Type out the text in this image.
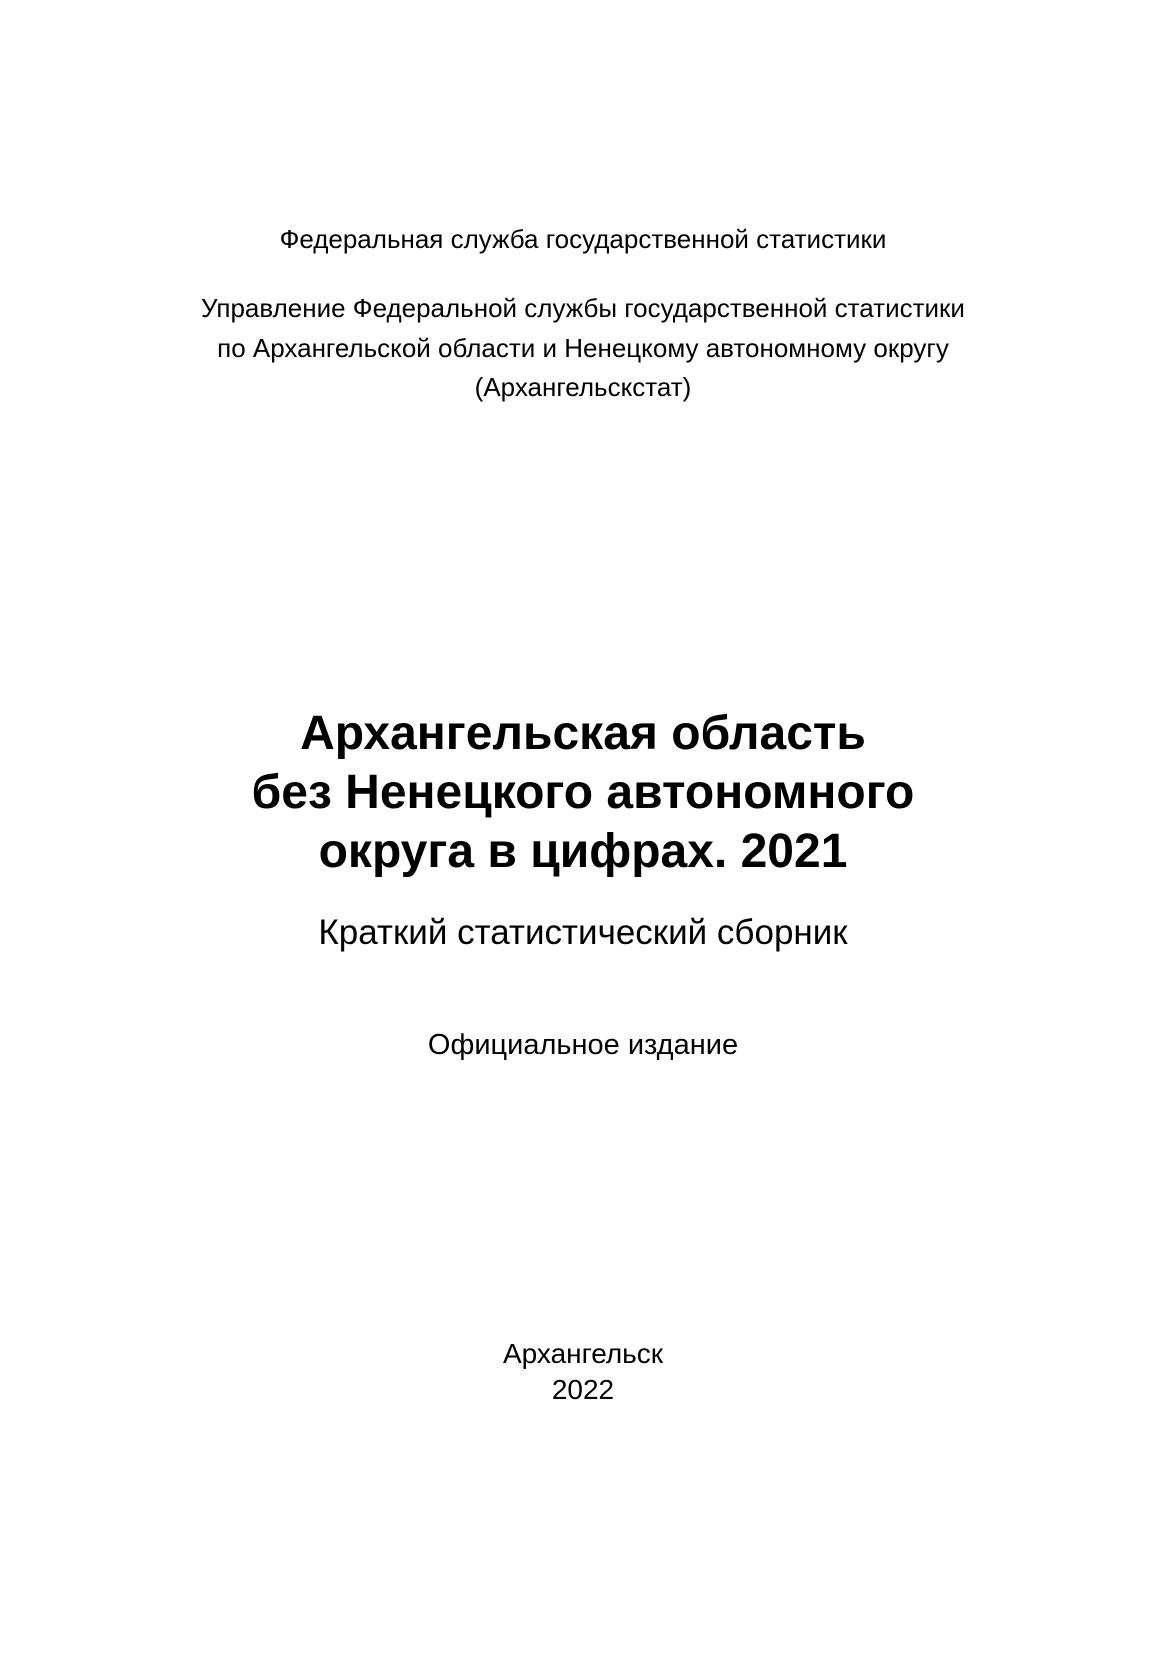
Федеральная служба государственной статистики
Управление Федеральной службы государственной статистики
по Архангельской области и Ненецкому автономному округу
(Архангельскстат)
Архангельская область
без Ненецкого автономного
округа в цифрах. 2021
Краткий статистический сборник
Официальное издание
Архангельск
2022
